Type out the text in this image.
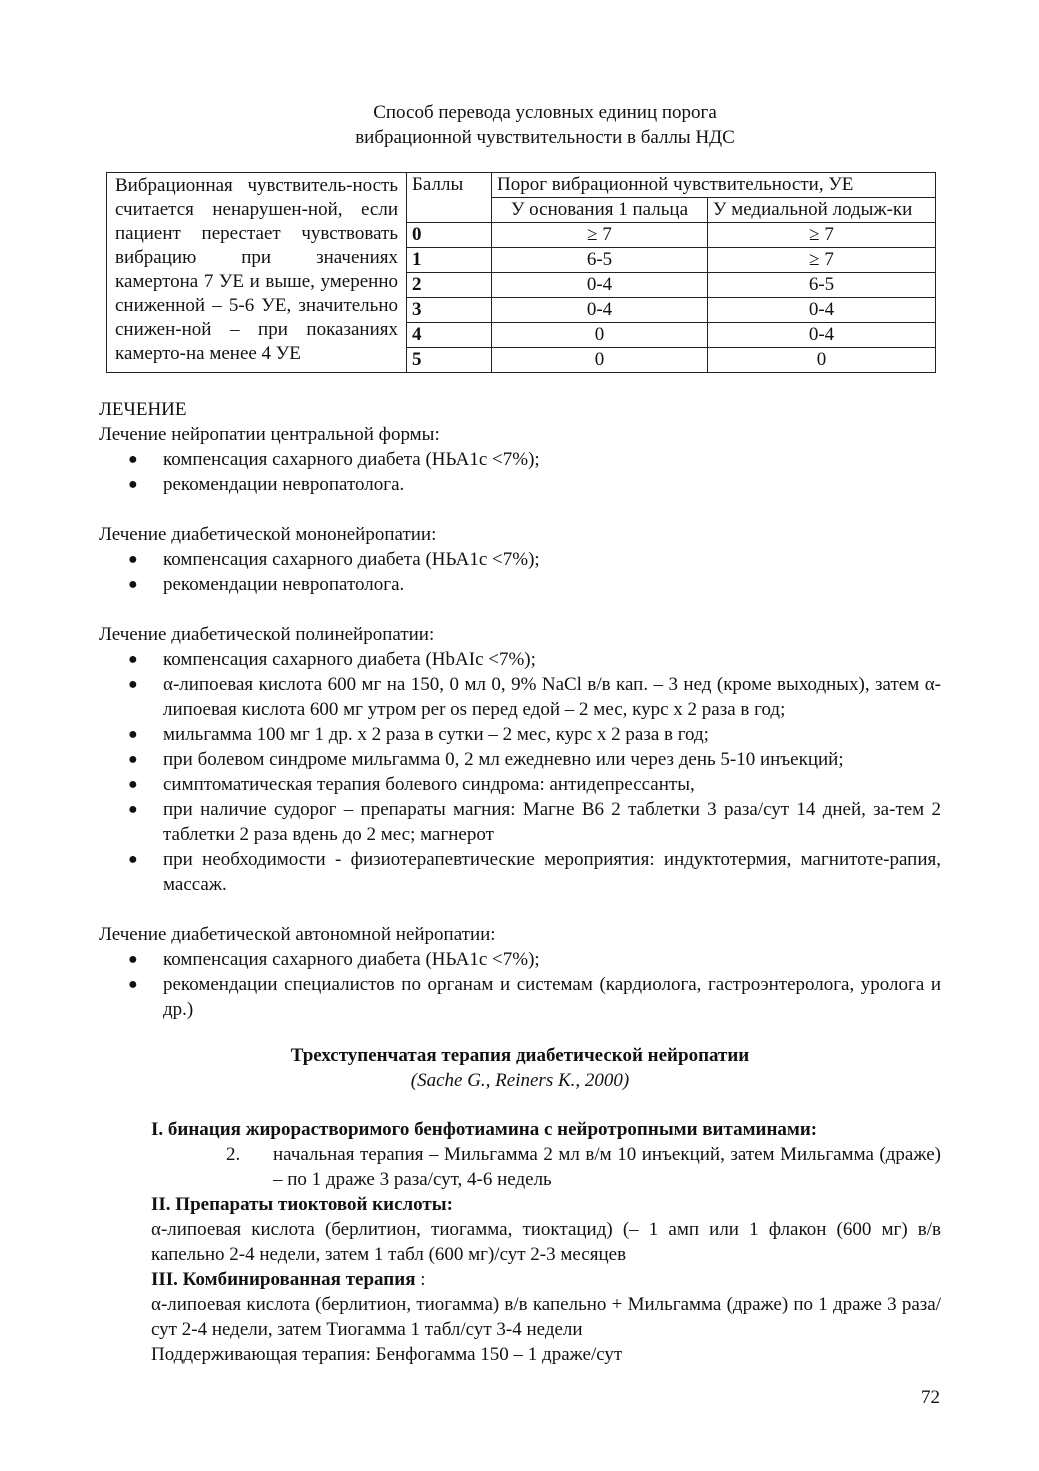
Способ перевода условных единиц порога
вибрационной чувствительности в баллы НДС
Вибрационная чувствитель-ность считается ненарушен-ной, если пациент перестает чувствовать вибрацию при значениях камертона 7 УЕ и выше, умеренно сниженной – 5-6 УЕ, значительно снижен-ной – при показаниях камерто-на менее 4 УЕ	Баллы	Порог вибрационной чувствительности, УЕ	
		У основания 1 пальца	У медиальной лодыж-ки

	0	≥ 7	≥ 7
	1	6-5	≥ 7
	2	0-4	6-5
	3	0-4	0-4
	4	0	0-4
	5	0	0

ЛЕЧЕНИЕ

Лечение нейропатии центральной формы:

● компенсация сахарного диабета (НЬА1с <7%);
● рекомендации невропатолога.

Лечение диабетической мононейропатии:

● компенсация сахарного диабета (НЬА1с <7%);
● рекомендации невропатолога.

Лечение диабетической полинейропатии:

● компенсация сахарного диабета (HbAIc <7%);
● α-липоевая кислота 600 мг на 150, 0 мл 0, 9% NaCl в/в кап. – 3 нед (кроме выходных), затем α-липоевая кислота 600 мг утром per os перед едой – 2 мес, курс х 2 раза в год;
● мильгамма 100 мг 1 др. х 2 раза в сутки – 2 мес, курс х 2 раза в год;
● при болевом синдроме мильгамма 0, 2 мл ежедневно или через день 5-10 инъекций;
● симптоматическая терапия болевого синдрома: антидепрессанты,
● при наличие судорог – препараты магния: Магне В6 2 таблетки 3 раза/сут 14 дней, за-тем 2 таблетки 2 раза вдень до 2 мес; магнерот
● при необходимости - физиотерапевтические мероприятия: индуктотермия, магнитоте-рапия, массаж.

Лечение диабетической автономной нейропатии:

● компенсация сахарного диабета (НЬА1с <7%);
● рекомендации специалистов по органам и системам (кардиолога, гастроэнтеролога, уролога и др.)

Трехступенчатая терапия диабетической нейропатии

(Sache G., Reiners K., 2000)

I. бинация жирорастворимого бенфотиамина с нейротропными витаминами:

2.	начальная терапия – Мильгамма 2 мл в/м 10 инъекций, затем Мильгамма (драже) – по 1 драже 3 раза/сут, 4-6 недель

II. Препараты тиоктовой кислоты:

α-липоевая кислота (берлитион, тиогамма, тиоктацид) (– 1 амп или 1 флакон (600 мг) в/в капельно 2-4 недели, затем 1 табл (600 мг)/сут 2-3 месяцев

III. Комбинированная терапия :

α-липоевая кислота (берлитион, тиогамма) в/в капельно + Мильгамма (драже) по 1 драже 3 раза/сут 2-4 недели, затем Тиогамма 1 табл/сут 3-4 недели

Поддерживающая терапия: Бенфогамма 150 – 1 драже/сут

72
